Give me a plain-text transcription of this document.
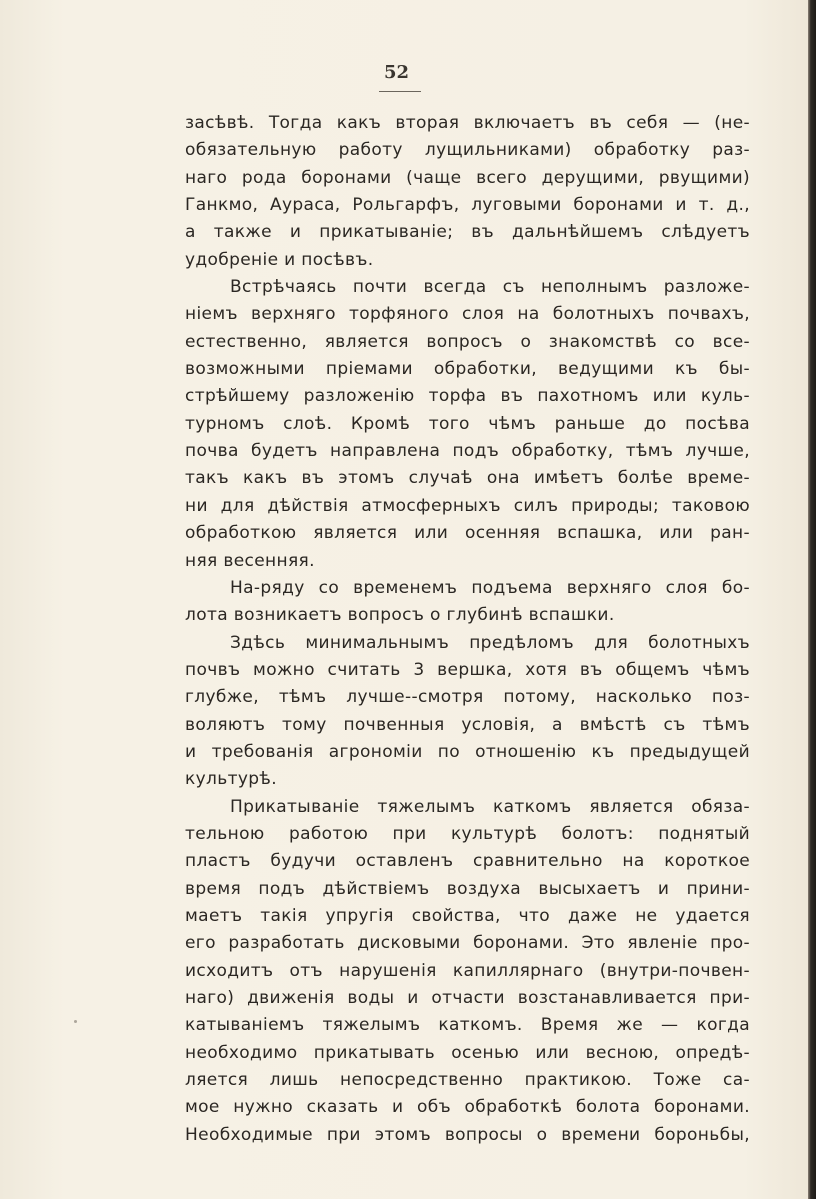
52
засѣвѣ. Тогда какъ вторая включаетъ въ себя — (не-
обязательную работу лущильниками) обработку раз-
наго рода боронами (чаще всего дерущими, рвущими)
Ганкмо, Aураса, Рольгарфъ, луговыми боронами и т. д.,
а также и прикатываніе; въ дальнѣйшемъ слѣдуетъ
удобреніе и посѣвъ.
Встрѣчаясь почти всегда съ неполнымъ разложе-
ніемъ верхняго торфяного слоя на болотныхъ почвахъ,
естественно, является вопросъ о знакомствѣ со все-
возможными пріемами обработки, ведущими къ бы-
стрѣйшему разложенію торфа въ пахотномъ или куль-
турномъ слоѣ. Кромѣ того чѣмъ раньше до посѣва
почва будетъ направлена подъ обработку, тѣмъ лучше,
такъ какъ въ этомъ случаѣ она имѣетъ болѣе време-
ни для дѣйствія атмосферныхъ силъ природы; таковою
обработкою является или осенняя вспашка, или ран-
няя весенняя.
На-ряду со временемъ подъема верхняго слоя бо-
лота возникаетъ вопросъ о глубинѣ вспашки.
Здѣсь минимальнымъ предѣломъ для болотныхъ
почвъ можно считать 3 вершка, хотя въ общемъ чѣмъ
глубже, тѣмъ лучше--смотря потому, насколько поз-
воляютъ тому почвенныя условія, а вмѣстѣ съ тѣмъ
и требованія агрономіи по отношенію къ предыдущей
культурѣ.
Прикатываніе тяжелымъ каткомъ является обяза-
тельною работою при культурѣ болотъ: поднятый
пластъ будучи оставленъ сравнительно на короткое
время подъ дѣйствіемъ воздуха высыхаетъ и прини-
маетъ такія упругія свойства, что даже не удается
его разработать дисковыми боронами. Это явленіе про-
исходитъ отъ нарушенія капиллярнаго (внутри-почвен-
наго) движенія воды и отчасти возстанавливается при-
катываніемъ тяжелымъ каткомъ. Время же — когда
необходимо прикатывать осенью или весною, опредѣ-
ляется лишь непосредственно практикою. Тоже са-
мое нужно сказать и объ обработкѣ болота боронами.
Необходимые при этомъ вопросы о времени бороньбы,
